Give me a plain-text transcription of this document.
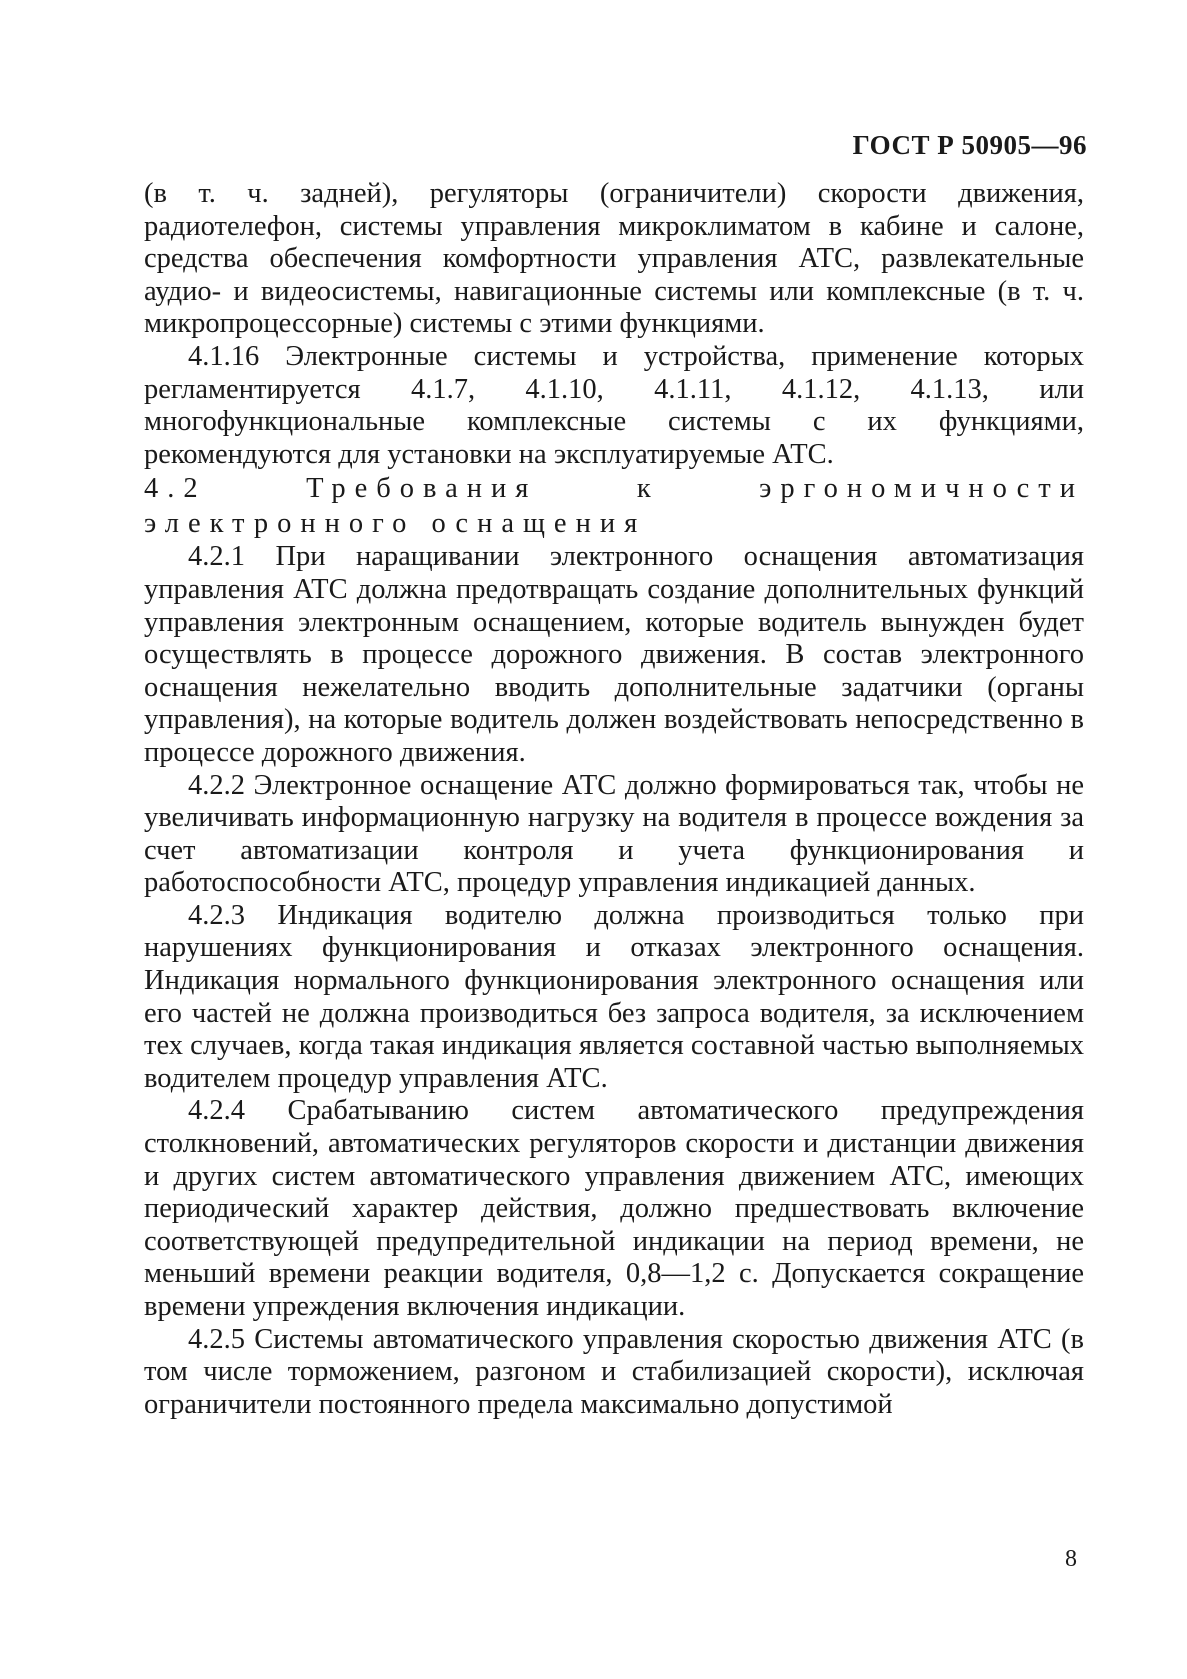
ГОСТ Р 50905—96

(в т. ч. задней), регуляторы (ограничители) скорости движения, радиотелефон, системы управления микроклиматом в кабине и салоне, средства обеспечения комфортности управления АТС, развлекательные аудио- и видеосистемы, навигационные системы или комплексные (в т. ч. микропроцессорные) системы с этими функциями.

4.1.16 Электронные системы и устройства, применение которых регламентируется 4.1.7, 4.1.10, 4.1.11, 4.1.12, 4.1.13, или многофункциональные комплексные системы с их функциями, рекомендуются для установки на эксплуатируемые АТС.

4.2 Требования к эргономичности электронного оснащения

4.2.1 При наращивании электронного оснащения автоматизация управления АТС должна предотвращать создание дополнительных функций управления электронным оснащением, которые водитель вынужден будет осуществлять в процессе дорожного движения. В состав электронного оснащения нежелательно вводить дополнительные задатчики (органы управления), на которые водитель должен воздействовать непосредственно в процессе дорожного движения.

4.2.2 Электронное оснащение АТС должно формироваться так, чтобы не увеличивать информационную нагрузку на водителя в процессе вождения за счет автоматизации контроля и учета функционирования и работоспособности АТС, процедур управления индикацией данных.

4.2.3 Индикация водителю должна производиться только при нарушениях функционирования и отказах электронного оснащения. Индикация нормального функционирования электронного оснащения или его частей не должна производиться без запроса водителя, за исключением тех случаев, когда такая индикация является составной частью выполняемых водителем процедур управления АТС.

4.2.4 Срабатыванию систем автоматического предупреждения столкновений, автоматических регуляторов скорости и дистанции движения и других систем автоматического управления движением АТС, имеющих периодический характер действия, должно предшествовать включение соответствующей предупредительной индикации на период времени, не меньший времени реакции водителя, 0,8—1,2 с. Допускается сокращение времени упреждения включения индикации.

4.2.5 Системы автоматического управления скоростью движения АТС (в том числе торможением, разгоном и стабилизацией скорости), исключая ограничители постоянного предела максимально допустимой

8
